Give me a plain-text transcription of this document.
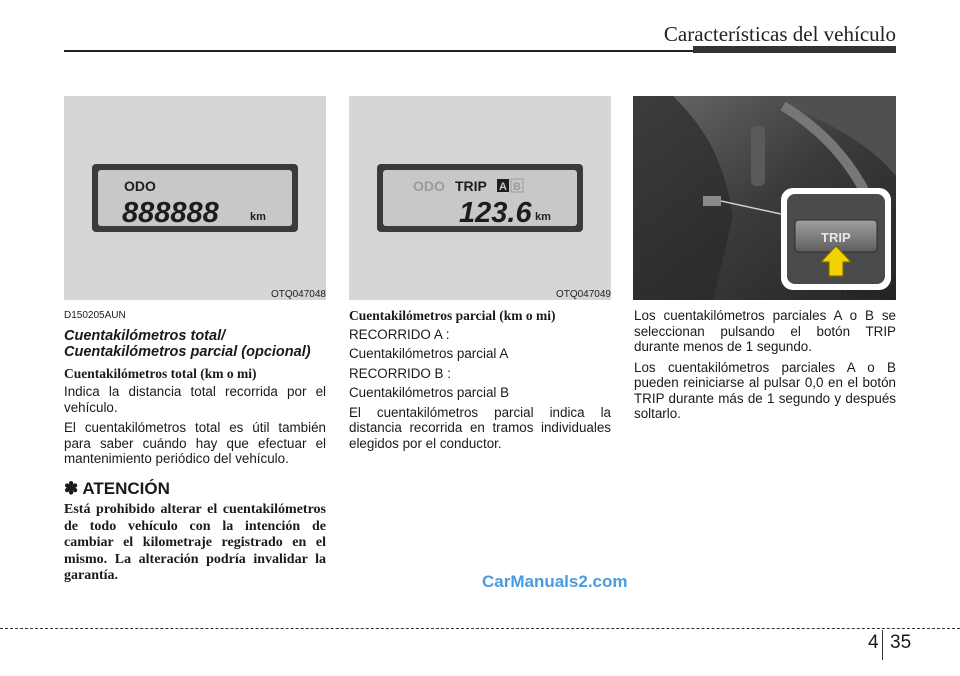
Características del vehículo
ODO
888888	km
OTQ047048
ODO TRIP A B
123.6 km
OTQ047049
TRIP
OTQ047047
D150205AUN
Cuentakilómetros total/
Cuentakilómetros parcial (opcional)
Cuentakilómetros total (km o mi)

Indica la distancia total recorrida por el vehículo.

El cuentakilómetros total es útil también para saber cuándo hay que efectuar el mantenimiento periódico del vehículo.

✽ ATENCIÓN
Está prohibido alterar el cuentakilómetros de todo vehículo con la intención de cambiar el kilometraje registrado en el mismo. La alteración podría invalidar la garantía.
Cuentakilómetros parcial (km o mi)

RECORRIDO A :

Cuentakilómetros parcial A

RECORRIDO B :

Cuentakilómetros parcial B

El cuentakilómetros parcial indica la distancia recorrida en tramos individuales elegidos por el conductor.

Los cuentakilómetros parciales A o B se seleccionan pulsando el botón TRIP durante menos de 1 segundo.

Los cuentakilómetros parciales A o B pueden reiniciarse al pulsar 0,0 en el botón TRIP durante más de 1 segundo y después soltarlo.

CarManuals2.com
4 35
